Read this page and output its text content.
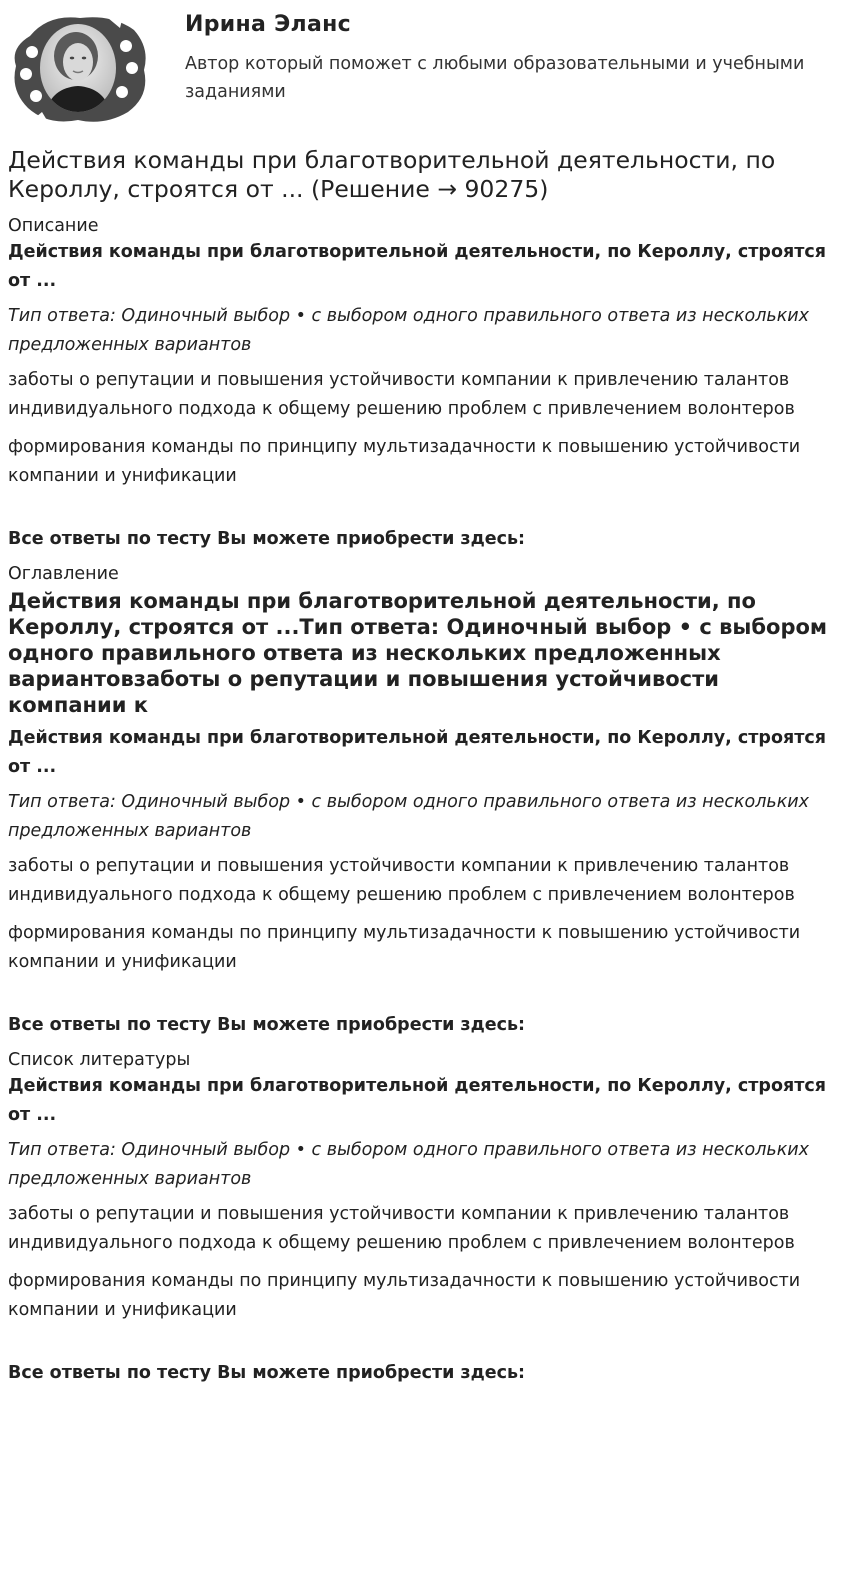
Ирина Эланс
Автор который поможет с любыми образовательными и учебными заданиями
Действия команды при благотворительной деятельности, по Кероллу, строятся от ... (Решение → 90275)

Описание

Действия команды при благотворительной деятельности, по Кероллу, строятся от ...

Тип ответа: Одиночный выбор • с выбором одного правильного ответа из нескольких предложенных вариантов

заботы о репутации и повышения устойчивости компании к привлечению талантов индивидуального подхода к общему решению проблем с привлечением волонтеров

формирования команды по принципу мультизадачности к повышению устойчивости компании и унификации

Все ответы по тесту Вы можете приобрести здесь:

Оглавление

Действия команды при благотворительной деятельности, по Кероллу, строятся от ...Тип ответа: Одиночный выбор • с выбором одного правильного ответа из нескольких предложенных вариантовзаботы о репутации и повышения устойчивости компании к

Действия команды при благотворительной деятельности, по Кероллу, строятся от ...

Тип ответа: Одиночный выбор • с выбором одного правильного ответа из нескольких предложенных вариантов

заботы о репутации и повышения устойчивости компании к привлечению талантов индивидуального подхода к общему решению проблем с привлечением волонтеров

формирования команды по принципу мультизадачности к повышению устойчивости компании и унификации

Все ответы по тесту Вы можете приобрести здесь:

Список литературы

Действия команды при благотворительной деятельности, по Кероллу, строятся от ...

Тип ответа: Одиночный выбор • с выбором одного правильного ответа из нескольких предложенных вариантов

заботы о репутации и повышения устойчивости компании к привлечению талантов индивидуального подхода к общему решению проблем с привлечением волонтеров

формирования команды по принципу мультизадачности к повышению устойчивости компании и унификации

Все ответы по тесту Вы можете приобрести здесь:
